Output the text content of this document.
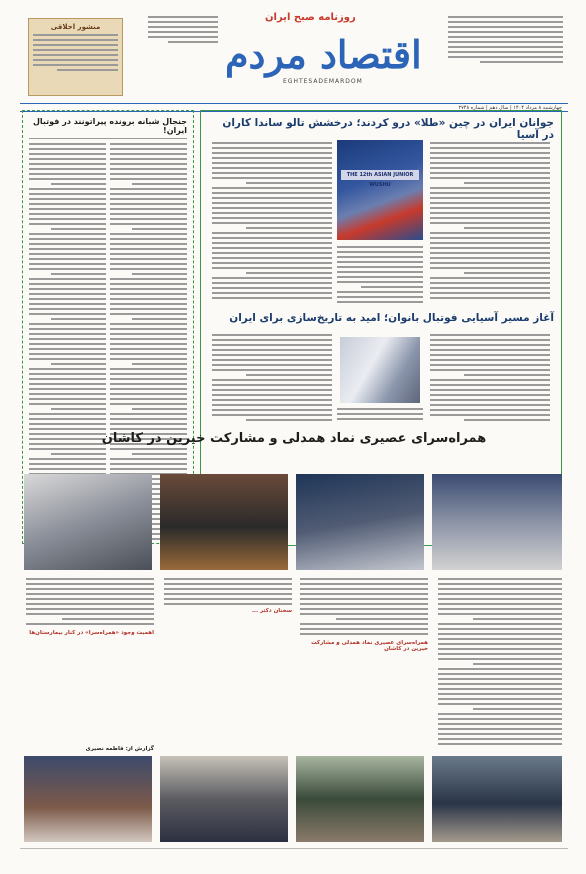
منشور اخلاقی
روزنامه صبح ایران
اقتصاد مردم
EGHTESADEMARDOM
چهارشنبه ۸ مرداد ۱۴۰۴ | سال دهم | شماره ۲۷۴۸
جنجال شبانه برونده پیراتونند در فوتبال ایران!
جوانان ایران در چین «طلا» درو کردند؛ درخشش تالو ساندا کاران در آسیا
THE 12th ASIAN JUNIOR WUSHU
آغاز مسیر آسیایی فوتبال بانوان؛ امید به تاریخ‌سازی برای ایران
همراه‌سرای عصیری نماد همدلی و مشارکت خیرین در کاشان
همراه‌سرای عصیری نماد همدلی و مشارکت خیرین در کاشان
سخنان دکتر ...
اهمیت وجود «همراه‌سرا» در کنار بیمارستان‌ها
گزارش از: فاطمه نصیری
